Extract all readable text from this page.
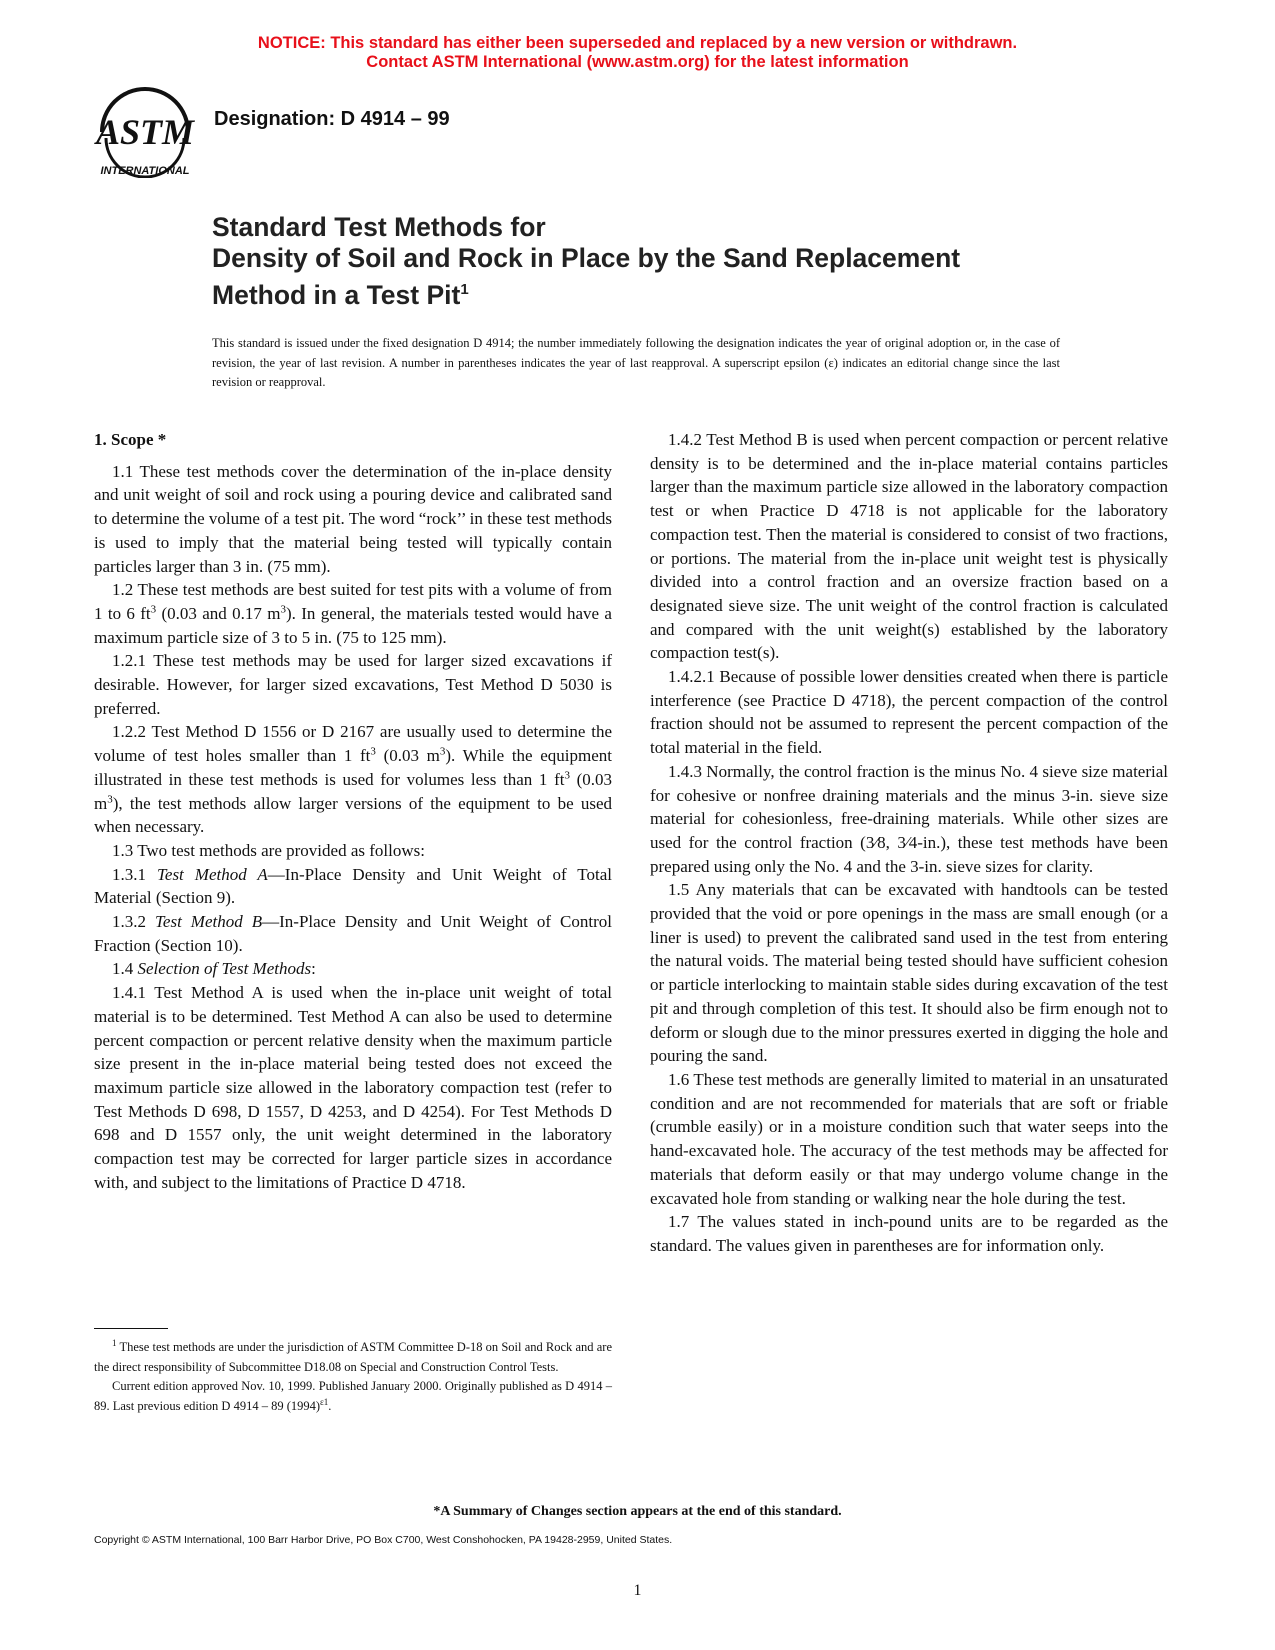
NOTICE: This standard has either been superseded and replaced by a new version or withdrawn.
Contact ASTM International (www.astm.org) for the latest information
ASTM
INTERNATIONAL
Designation: D 4914 – 99
Standard Test Methods for
Density of Soil and Rock in Place by the Sand Replacement
Method in a Test Pit$^1$
This standard is issued under the fixed designation D 4914; the number immediately following the designation indicates the year of original adoption or, in the case of revision, the year of last revision. A number in parentheses indicates the year of last reapproval. A superscript epsilon (ε) indicates an editorial change since the last revision or reapproval.
1. Scope *

1.1 These test methods cover the determination of the in-place density and unit weight of soil and rock using a pouring device and calibrated sand to determine the volume of a test pit. The word “rock’’ in these test methods is used to imply that the material being tested will typically contain particles larger than 3 in. (75 mm).

1.2 These test methods are best suited for test pits with a volume of from 1 to 6 $ft^3$ (0.03 and 0.17 $m^3$). In general, the materials tested would have a maximum particle size of 3 to 5 in. (75 to 125 mm).

1.2.1 These test methods may be used for larger sized excavations if desirable. However, for larger sized excavations, Test Method D 5030 is preferred.

1.2.2 Test Method D 1556 or D 2167 are usually used to determine the volume of test holes smaller than 1 $ft^3$ (0.03 $m^3$). While the equipment illustrated in these test methods is used for volumes less than 1 $ft^3$ (0.03 $m^3$), the test methods allow larger versions of the equipment to be used when necessary.

1.3 Two test methods are provided as follows:

1.3.1 Test Method A—In-Place Density and Unit Weight of Total Material (Section 9).

1.3.2 Test Method B—In-Place Density and Unit Weight of Control Fraction (Section 10).

1.4 Selection of Test Methods:

1.4.1 Test Method A is used when the in-place unit weight of total material is to be determined. Test Method A can also be used to determine percent compaction or percent relative density when the maximum particle size present in the in-place material being tested does not exceed the maximum particle size allowed in the laboratory compaction test (refer to Test Methods D 698, D 1557, D 4253, and D 4254). For Test Methods D 698 and D 1557 only, the unit weight determined in the laboratory compaction test may be corrected for larger particle sizes in accordance with, and subject to the limitations of Practice D 4718.

1.4.2 Test Method B is used when percent compaction or percent relative density is to be determined and the in-place material contains particles larger than the maximum particle size allowed in the laboratory compaction test or when Practice D 4718 is not applicable for the laboratory compaction test. Then the material is considered to consist of two fractions, or portions. The material from the in-place unit weight test is physically divided into a control fraction and an oversize fraction based on a designated sieve size. The unit weight of the control fraction is calculated and compared with the unit weight(s) established by the laboratory compaction test(s).

1.4.2.1 Because of possible lower densities created when there is particle interference (see Practice D 4718), the percent compaction of the control fraction should not be assumed to represent the percent compaction of the total material in the field.

1.4.3 Normally, the control fraction is the minus No. 4 sieve size material for cohesive or nonfree draining materials and the minus 3-in. sieve size material for cohesionless, free-draining materials. While other sizes are used for the control fraction (3⁄8, 3⁄4-in.), these test methods have been prepared using only the No. 4 and the 3-in. sieve sizes for clarity.

1.5 Any materials that can be excavated with handtools can be tested provided that the void or pore openings in the mass are small enough (or a liner is used) to prevent the calibrated sand used in the test from entering the natural voids. The material being tested should have sufficient cohesion or particle interlocking to maintain stable sides during excavation of the test pit and through completion of this test. It should also be firm enough not to deform or slough due to the minor pressures exerted in digging the hole and pouring the sand.

1.6 These test methods are generally limited to material in an unsaturated condition and are not recommended for materials that are soft or friable (crumble easily) or in a moisture condition such that water seeps into the hand-excavated hole. The accuracy of the test methods may be affected for materials that deform easily or that may undergo volume change in the excavated hole from standing or walking near the hole during the test.

1.7 The values stated in inch-pound units are to be regarded as the standard. The values given in parentheses are for information only.

$^1$ These test methods are under the jurisdiction of ASTM Committee D-18 on Soil and Rock and are the direct responsibility of Subcommittee D18.08 on Special and Construction Control Tests.

Current edition approved Nov. 10, 1999. Published January 2000. Originally published as D 4914 – 89. Last previous edition D 4914 – 89 $(1994)^{\varepsilon 1}$.

*A Summary of Changes section appears at the end of this standard.
Copyright © ASTM International, 100 Barr Harbor Drive, PO Box C700, West Conshohocken, PA 19428-2959, United States.
1
